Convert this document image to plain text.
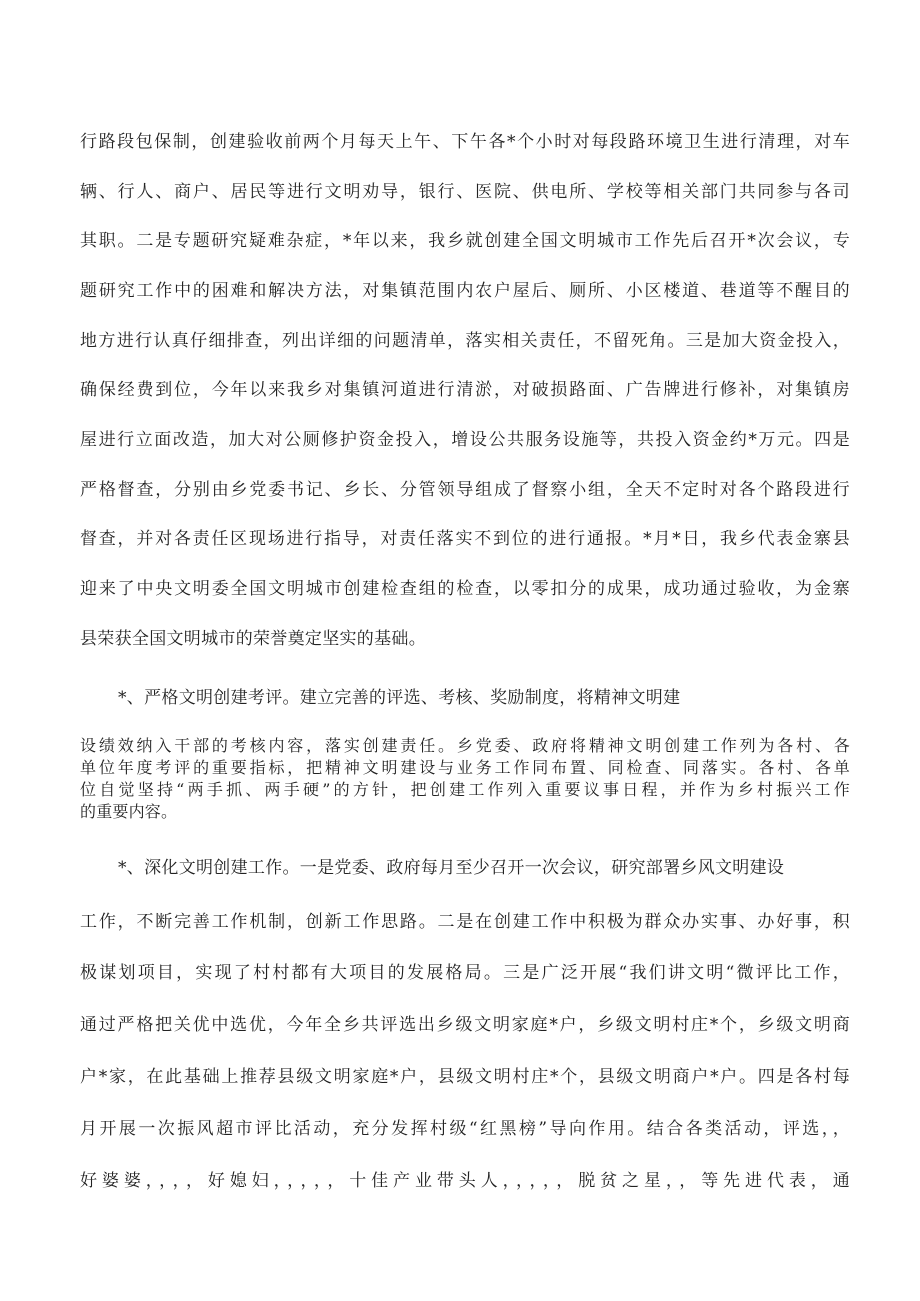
行路段包保制，创建验收前两个月每天上午、下午各*个小时对每段路环境卫生进行清理，对车
辆、行人、商户、居民等进行文明劝导，银行、医院、供电所、学校等相关部门共同参与各司
其职。二是专题研究疑难杂症，*年以来，我乡就创建全国文明城市工作先后召开*次会议，专
题研究工作中的困难和解决方法，对集镇范围内农户屋后、厕所、小区楼道、巷道等不醒目的
地方进行认真仔细排查，列出详细的问题清单，落实相关责任，不留死角。三是加大资金投入，
确保经费到位，今年以来我乡对集镇河道进行清淤，对破损路面、广告牌进行修补，对集镇房
屋进行立面改造，加大对公厕修护资金投入，增设公共服务设施等，共投入资金约*万元。四是
严格督查，分别由乡党委书记、乡长、分管领导组成了督察小组，全天不定时对各个路段进行
督查，并对各责任区现场进行指导，对责任落实不到位的进行通报。*月*日，我乡代表金寨县
迎来了中央文明委全国文明城市创建检查组的检查，以零扣分的成果，成功通过验收，为金寨
县荣获全国文明城市的荣誉奠定坚实的基础。
*、严格文明创建考评。建立完善的评选、考核、奖励制度，将精神文明建
设绩效纳入干部的考核内容，落实创建责任。乡党委、政府将精神文明创建工作列为各村、各
单位年度考评的重要指标，把精神文明建设与业务工作同布置、同检查、同落实。各村、各单
位自觉坚持“两手抓、两手硬”的方针，把创建工作列入重要议事日程，并作为乡村振兴工作
的重要内容。
*、深化文明创建工作。一是党委、政府每月至少召开一次会议，研究部署乡风文明建设
工作，不断完善工作机制，创新工作思路。二是在创建工作中积极为群众办实事、办好事，积
极谋划项目，实现了村村都有大项目的发展格局。三是广泛开展“我们讲文明“微评比工作，
通过严格把关优中选优，今年全乡共评选出乡级文明家庭*户，乡级文明村庄*个，乡级文明商
户*家，在此基础上推荐县级文明家庭*户，县级文明村庄*个，县级文明商户*户。四是各村每
月开展一次振风超市评比活动，充分发挥村级“红黑榜”导向作用。结合各类活动，评选，，
好婆婆，，，，好媳妇，，，，，十佳产业带头人，，，，，脱贫之星，，等先进代表，通
